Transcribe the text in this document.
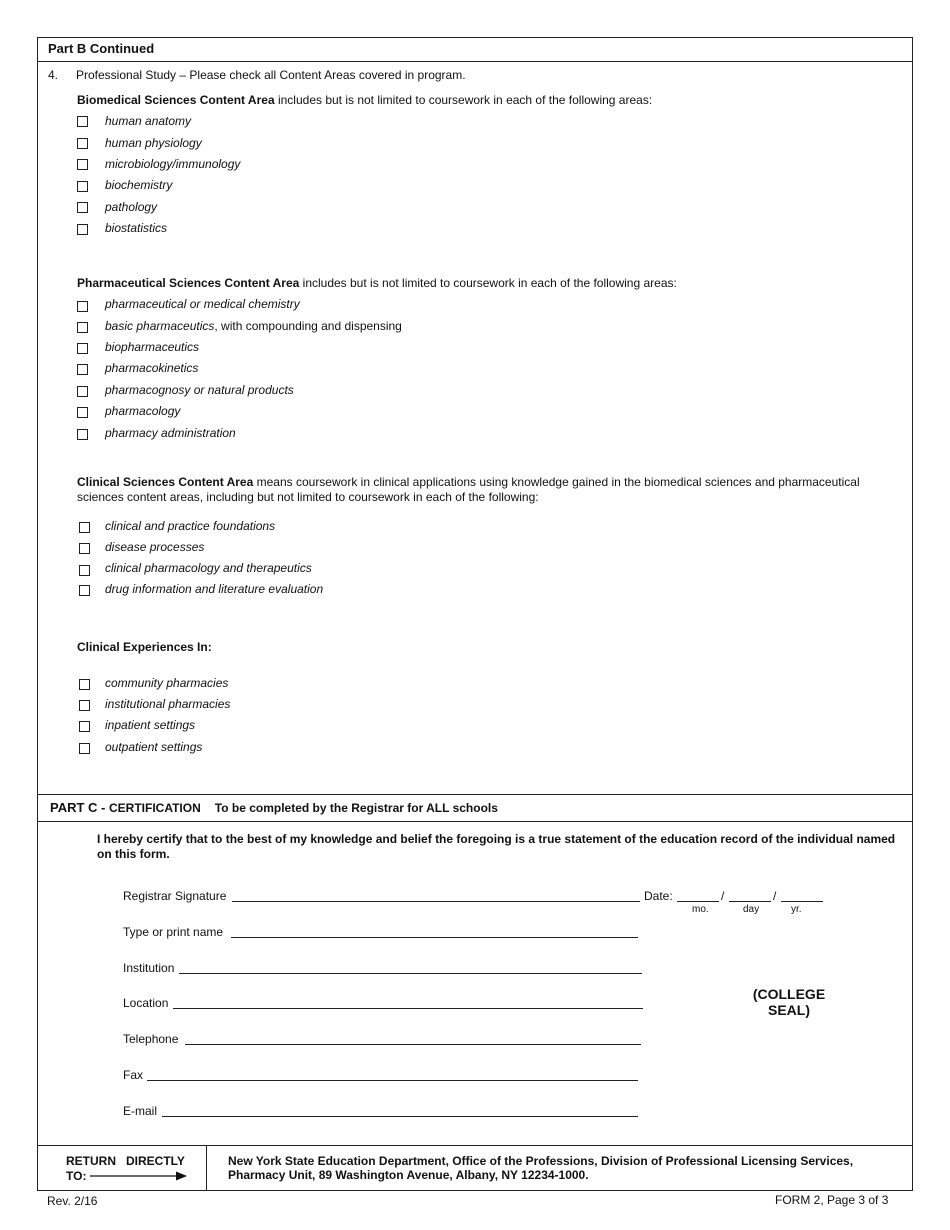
Part B Continued
4. Professional Study – Please check all Content Areas covered in program.
Biomedical Sciences Content Area includes but is not limited to coursework in each of the following areas:
human anatomy
human physiology
microbiology/immunology
biochemistry
pathology
biostatistics
Pharmaceutical Sciences Content Area includes but is not limited to coursework in each of the following areas:
pharmaceutical or medical chemistry
basic pharmaceutics, with compounding and dispensing
biopharmaceutics
pharmacokinetics
pharmacognosy or natural products
pharmacology
pharmacy administration
Clinical Sciences Content Area means coursework in clinical applications using knowledge gained in the biomedical sciences and pharmaceutical
sciences content areas, including but not limited to coursework in each of the following:
clinical and practice foundations
disease processes
clinical pharmacology and therapeutics
drug information and literature evaluation
Clinical Experiences In:
community pharmacies
institutional pharmacies
inpatient settings
outpatient settings
PART C - CERTIFICATION To be completed by the Registrar for ALL schools
I hereby certify that to the best of my knowledge and belief the foregoing is a true statement of the education record of the individual named
on this form.
Registrar Signature	Date:	/	/
mo.	day	yr.
Type or print name
Institution
Location
Telephone
Fax
E-mail
(COLLEGE
SEAL)
RETURN   DIRECTLY
TO:
New York State Education Department, Office of the Professions, Division of Professional Licensing Services,
Pharmacy Unit, 89 Washington Avenue, Albany, NY 12234-1000.
Rev. 2/16	FORM 2, Page 3 of 3
